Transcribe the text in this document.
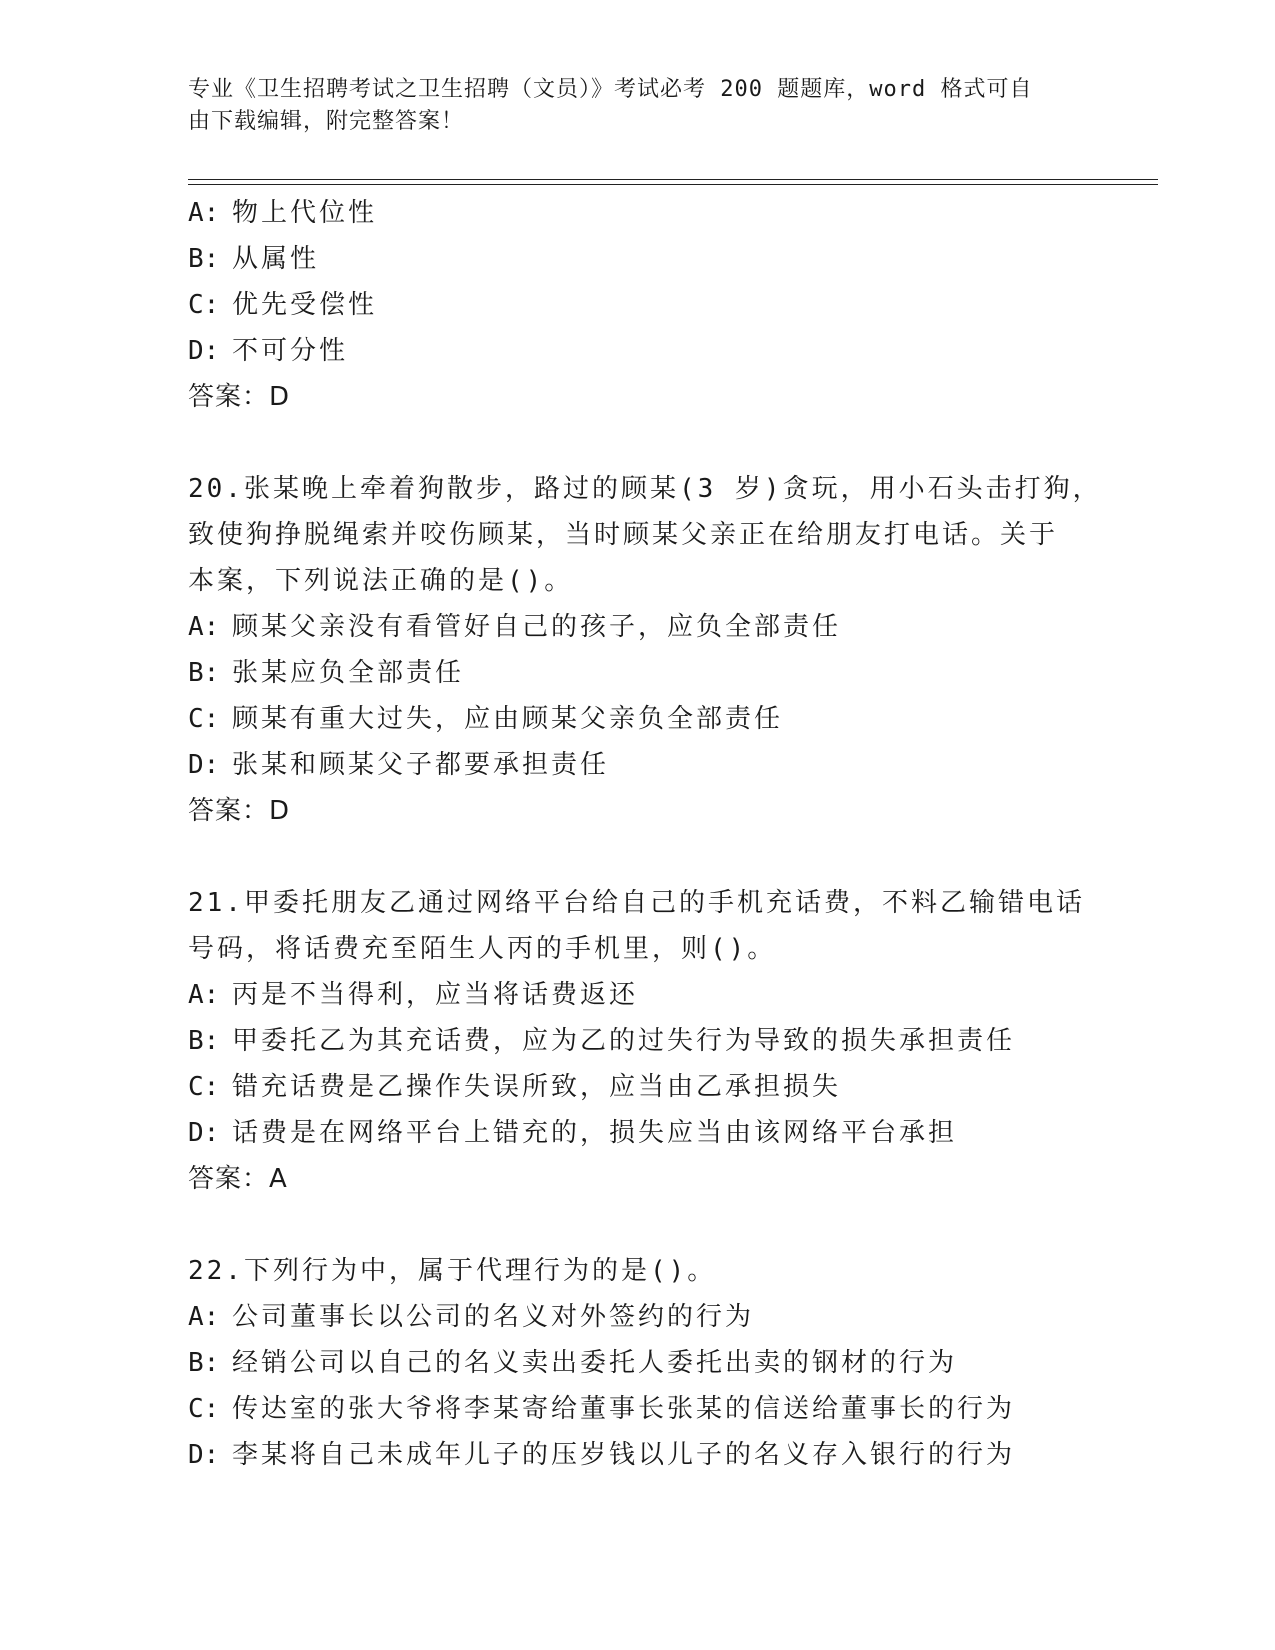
专业《卫生招聘考试之卫生招聘（文员）》考试必考 200 题题库，word 格式可自
由下载编辑，附完整答案！
A: 物上代位性
B: 从属性
C: 优先受偿性
D: 不可分性
答案：D
20.张某晚上牵着狗散步，路过的顾某(3 岁)贪玩，用小石头击打狗，
致使狗挣脱绳索并咬伤顾某，当时顾某父亲正在给朋友打电话。关于
本案，下列说法正确的是()。
A: 顾某父亲没有看管好自己的孩子，应负全部责任
B: 张某应负全部责任
C: 顾某有重大过失，应由顾某父亲负全部责任
D: 张某和顾某父子都要承担责任
答案：D
21.甲委托朋友乙通过网络平台给自己的手机充话费，不料乙输错电话
号码，将话费充至陌生人丙的手机里，则()。
A: 丙是不当得利，应当将话费返还
B: 甲委托乙为其充话费，应为乙的过失行为导致的损失承担责任
C: 错充话费是乙操作失误所致，应当由乙承担损失
D: 话费是在网络平台上错充的，损失应当由该网络平台承担
答案：A
22.下列行为中，属于代理行为的是()。
A: 公司董事长以公司的名义对外签约的行为
B: 经销公司以自己的名义卖出委托人委托出卖的钢材的行为
C: 传达室的张大爷将李某寄给董事长张某的信送给董事长的行为
D: 李某将自己未成年儿子的压岁钱以儿子的名义存入银行的行为
